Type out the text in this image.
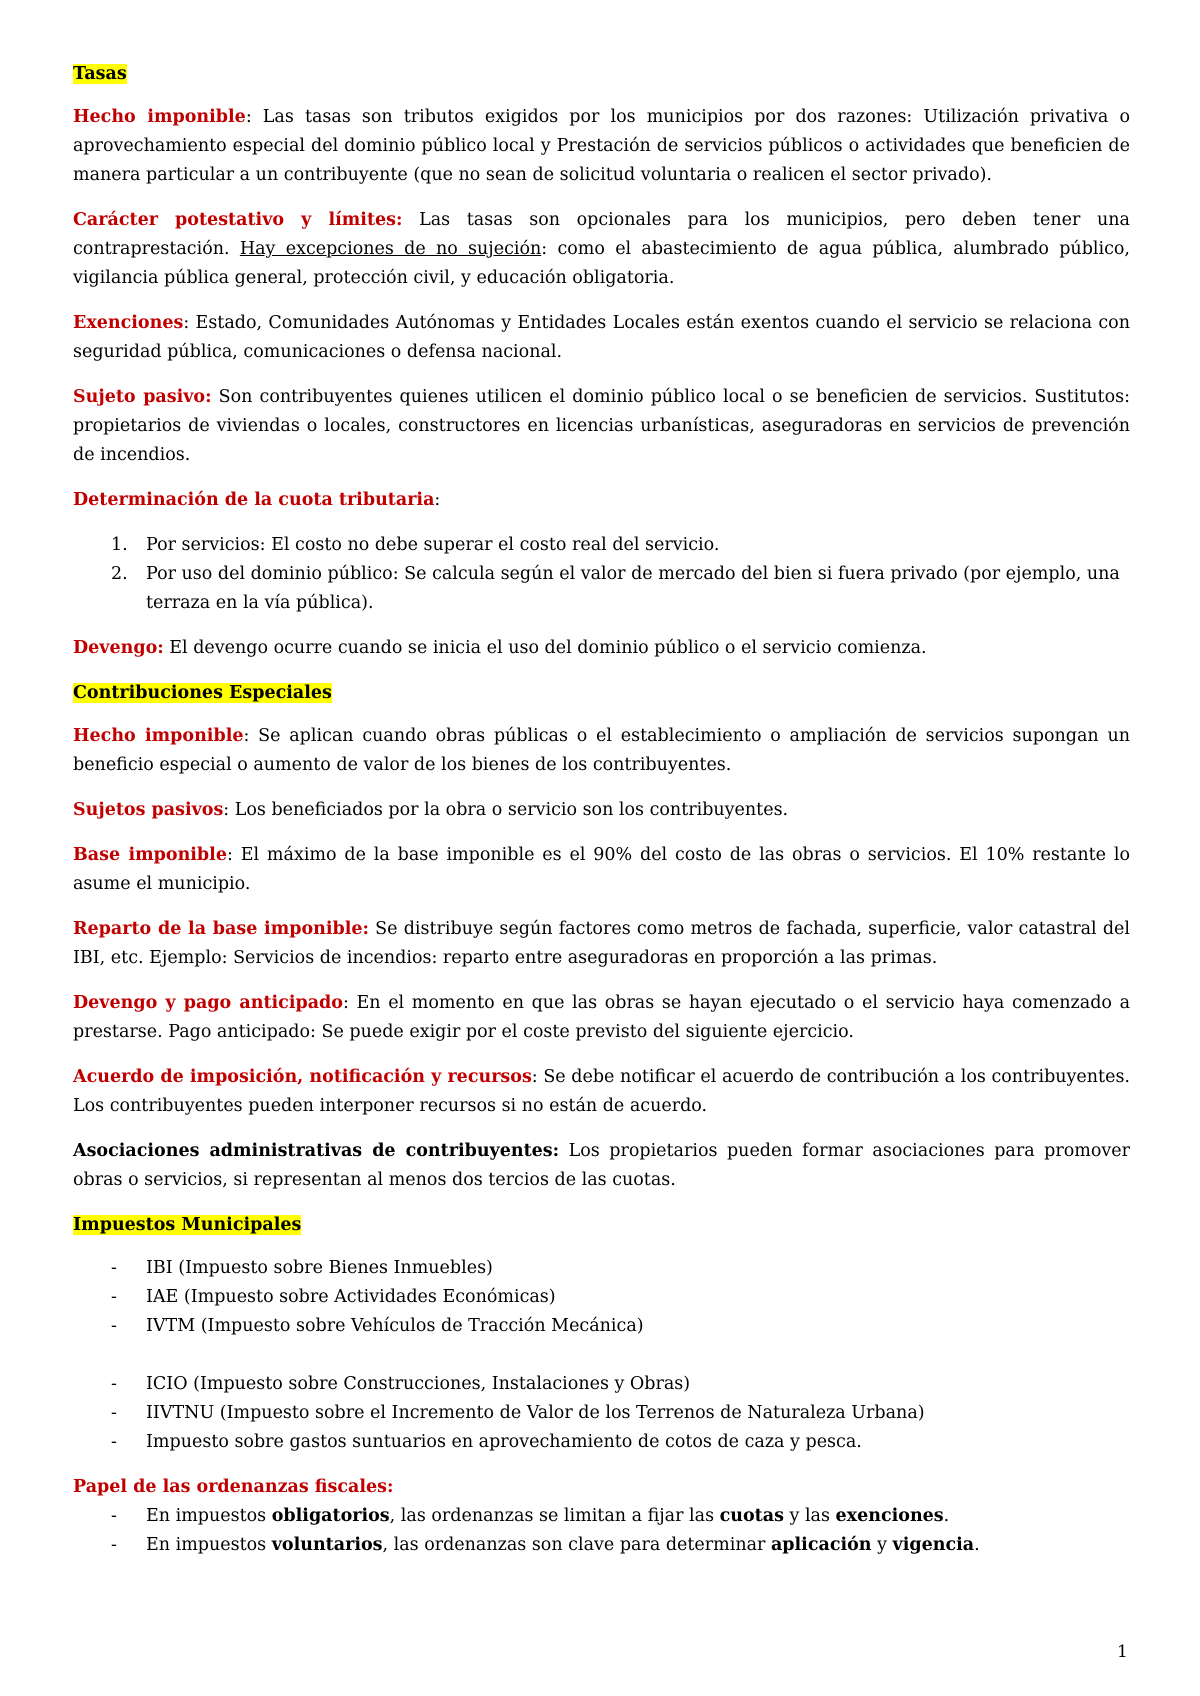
Tasas

Hecho imponible: Las tasas son tributos exigidos por los municipios por dos razones: Utilización privativa o aprovechamiento especial del dominio público local y Prestación de servicios públicos o actividades que beneficien de manera particular a un contribuyente (que no sean de solicitud voluntaria o realicen el sector privado).

Carácter potestativo y límites: Las tasas son opcionales para los municipios, pero deben tener una contraprestación. Hay excepciones de no sujeción: como el abastecimiento de agua pública, alumbrado público, vigilancia pública general, protección civil, y educación obligatoria.

Exenciones: Estado, Comunidades Autónomas y Entidades Locales están exentos cuando el servicio se relaciona con seguridad pública, comunicaciones o defensa nacional.

Sujeto pasivo: Son contribuyentes quienes utilicen el dominio público local o se beneficien de servicios. Sustitutos: propietarios de viviendas o locales, constructores en licencias urbanísticas, aseguradoras en servicios de prevención de incendios.

Determinación de la cuota tributaria:

1. Por servicios: El costo no debe superar el costo real del servicio.
2. Por uso del dominio público: Se calcula según el valor de mercado del bien si fuera privado (por ejemplo, una terraza en la vía pública).

Devengo: El devengo ocurre cuando se inicia el uso del dominio público o el servicio comienza.

Contribuciones Especiales

Hecho imponible: Se aplican cuando obras públicas o el establecimiento o ampliación de servicios supongan un beneficio especial o aumento de valor de los bienes de los contribuyentes.

Sujetos pasivos: Los beneficiados por la obra o servicio son los contribuyentes.

Base imponible: El máximo de la base imponible es el 90% del costo de las obras o servicios. El 10% restante lo asume el municipio.

Reparto de la base imponible: Se distribuye según factores como metros de fachada, superficie, valor catastral del IBI, etc. Ejemplo: Servicios de incendios: reparto entre aseguradoras en proporción a las primas.

Devengo y pago anticipado: En el momento en que las obras se hayan ejecutado o el servicio haya comenzado a prestarse. Pago anticipado: Se puede exigir por el coste previsto del siguiente ejercicio.

Acuerdo de imposición, notificación y recursos: Se debe notificar el acuerdo de contribución a los contribuyentes. Los contribuyentes pueden interponer recursos si no están de acuerdo.

Asociaciones administrativas de contribuyentes: Los propietarios pueden formar asociaciones para promover obras o servicios, si representan al menos dos tercios de las cuotas.

Impuestos Municipales

- IBI (Impuesto sobre Bienes Inmuebles)
- IAE (Impuesto sobre Actividades Económicas)
- IVTM (Impuesto sobre Vehículos de Tracción Mecánica)
- ICIO (Impuesto sobre Construcciones, Instalaciones y Obras)
- IIVTNU (Impuesto sobre el Incremento de Valor de los Terrenos de Naturaleza Urbana)
- Impuesto sobre gastos suntuarios en aprovechamiento de cotos de caza y pesca.

Papel de las ordenanzas fiscales:

- En impuestos obligatorios, las ordenanzas se limitan a fijar las cuotas y las exenciones.
- En impuestos voluntarios, las ordenanzas son clave para determinar aplicación y vigencia.
1
